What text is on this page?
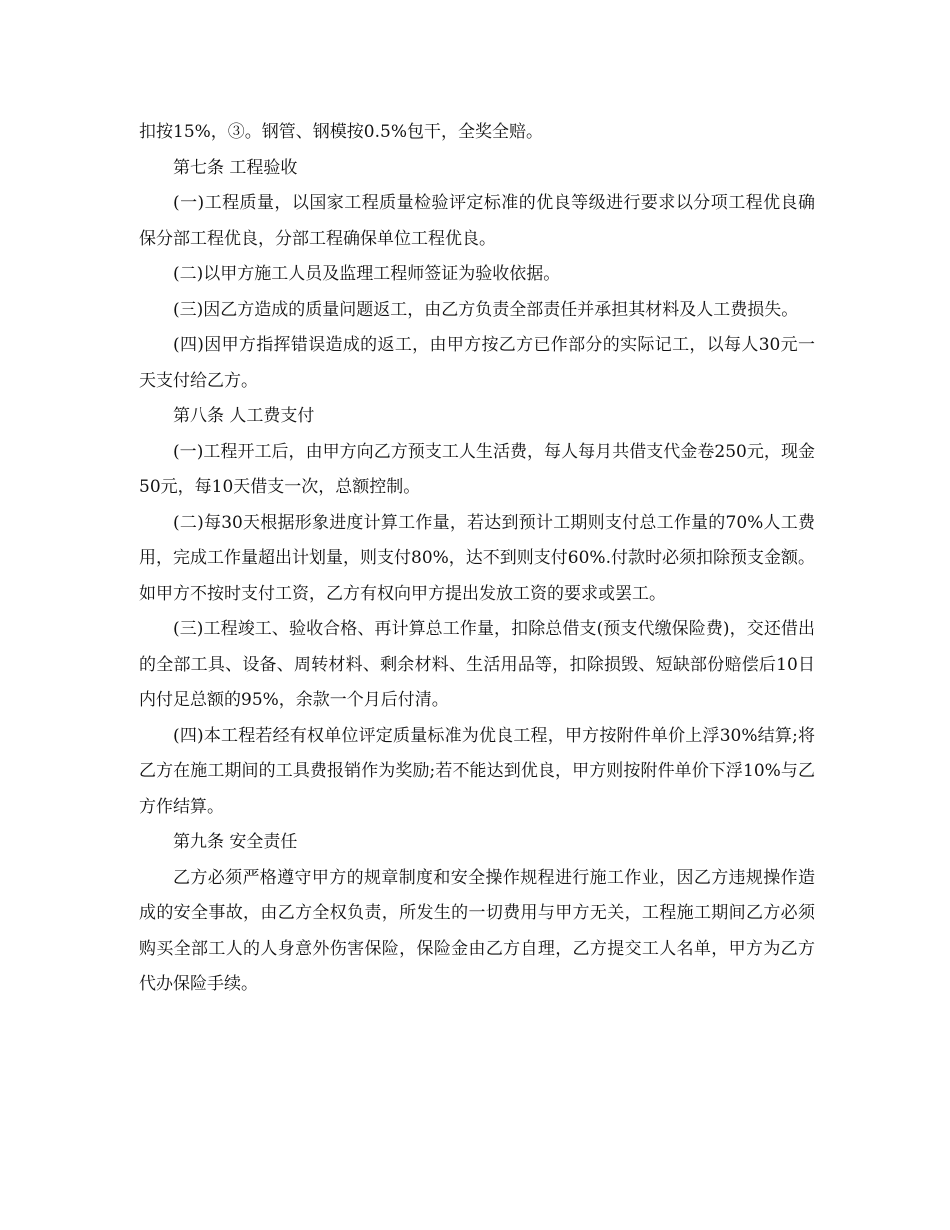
扣按15%，③。钢管、钢模按0.5%包干，全奖全赔。

第七条 工程验收

(一)工程质量，以国家工程质量检验评定标准的优良等级进行要求以分项工程优良确保分部工程优良，分部工程确保单位工程优良。

(二)以甲方施工人员及监理工程师签证为验收依据。

(三)因乙方造成的质量问题返工，由乙方负责全部责任并承担其材料及人工费损失。

(四)因甲方指挥错误造成的返工，由甲方按乙方已作部分的实际记工，以每人30元一天支付给乙方。

第八条 人工费支付

(一)工程开工后，由甲方向乙方预支工人生活费，每人每月共借支代金卷250元，现金50元，每10天借支一次，总额控制。

(二)每30天根据形象进度计算工作量，若达到预计工期则支付总工作量的70%人工费用，完成工作量超出计划量，则支付80%，达不到则支付60%.付款时必须扣除预支金额。如甲方不按时支付工资，乙方有权向甲方提出发放工资的要求或罢工。

(三)工程竣工、验收合格、再计算总工作量，扣除总借支(预支代缴保险费)，交还借出的全部工具、设备、周转材料、剩余材料、生活用品等，扣除损毁、短缺部份赔偿后10日内付足总额的95%，余款一个月后付清。

(四)本工程若经有权单位评定质量标准为优良工程，甲方按附件单价上浮30%结算;将乙方在施工期间的工具费报销作为奖励;若不能达到优良，甲方则按附件单价下浮10%与乙方作结算。

第九条 安全责任

乙方必须严格遵守甲方的规章制度和安全操作规程进行施工作业，因乙方违规操作造成的安全事故，由乙方全权负责，所发生的一切费用与甲方无关，工程施工期间乙方必须购买全部工人的人身意外伤害保险，保险金由乙方自理，乙方提交工人名单，甲方为乙方代办保险手续。
